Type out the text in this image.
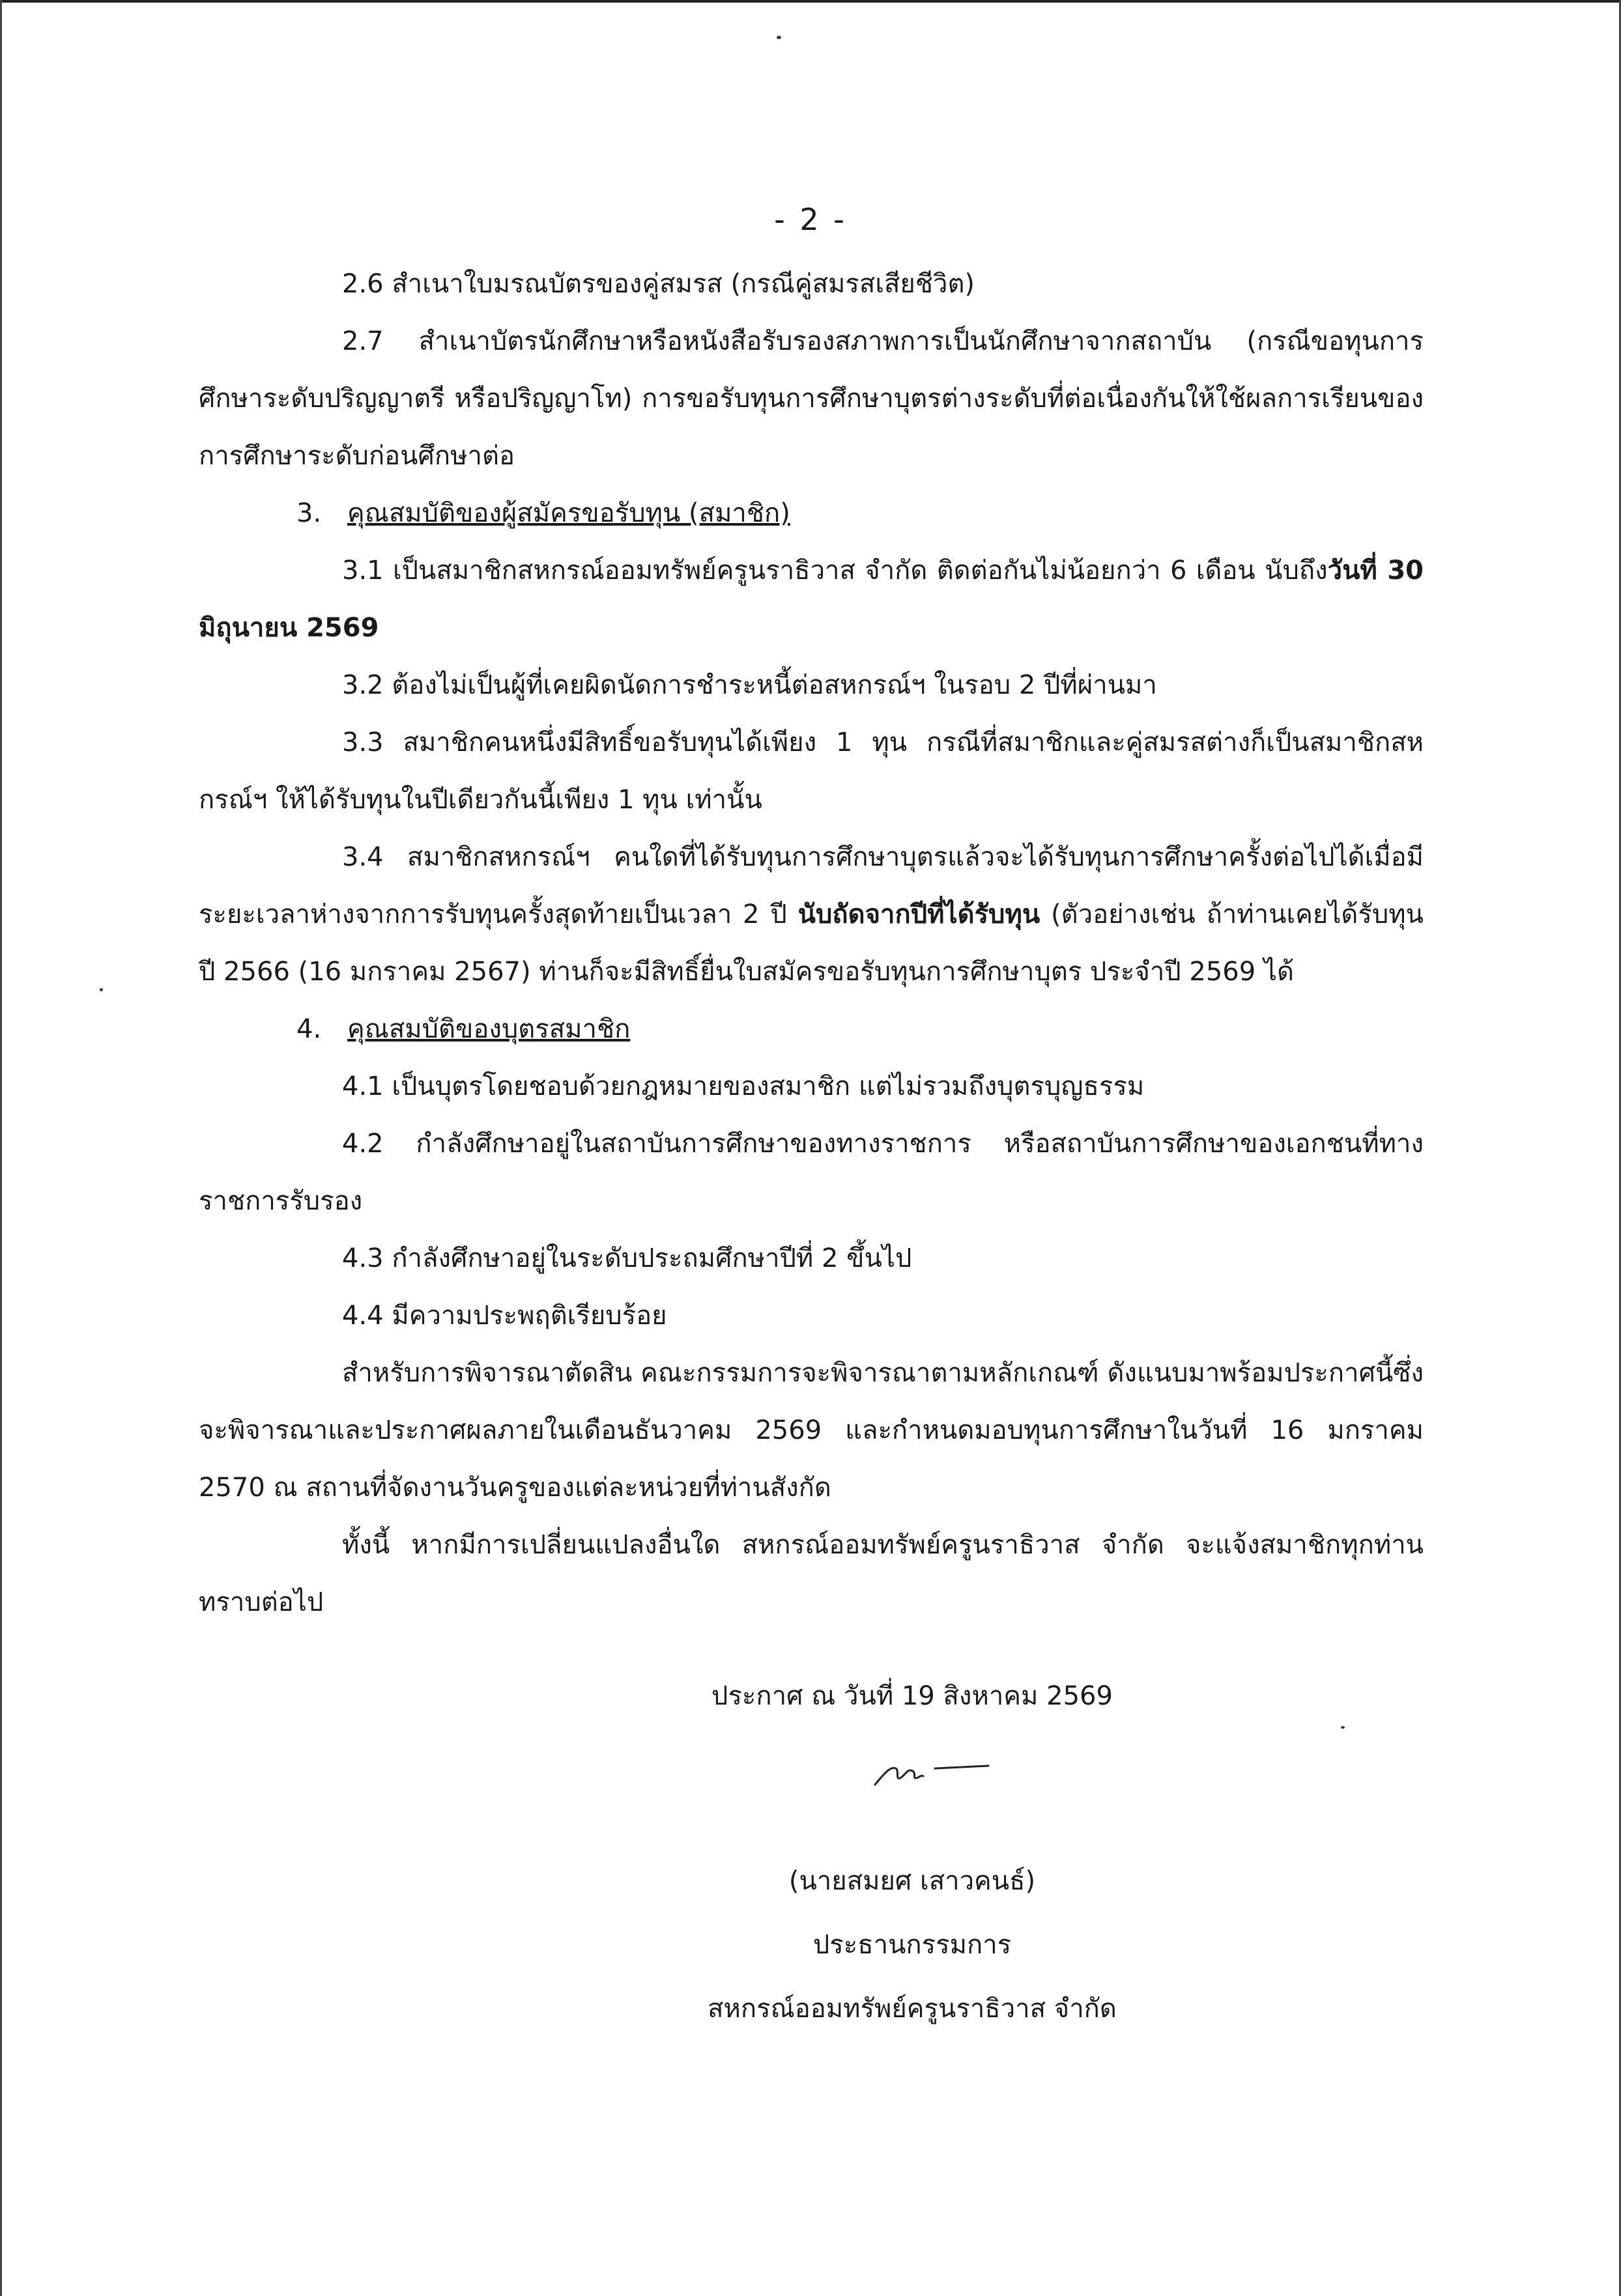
- 2 -

2.6 สำเนาใบมรณบัตรของคู่สมรส (กรณีคู่สมรสเสียชีวิต)

2.7 สำเนาบัตรนักศึกษาหรือหนังสือรับรองสภาพการเป็นนักศึกษาจากสถาบัน (กรณีขอทุนการศึกษาระดับปริญญาตรี หรือปริญญาโท) การขอรับทุนการศึกษาบุตรต่างระดับที่ต่อเนื่องกันให้ใช้ผลการเรียนของการศึกษาระดับก่อนศึกษาต่อ

3. คุณสมบัติของผู้สมัครขอรับทุน (สมาชิก)

3.1 เป็นสมาชิกสหกรณ์ออมทรัพย์ครูนราธิวาส จำกัด ติดต่อกันไม่น้อยกว่า 6 เดือน นับถึงวันที่ 30 มิถุนายน 2569

3.2 ต้องไม่เป็นผู้ที่เคยผิดนัดการชำระหนี้ต่อสหกรณ์ฯ ในรอบ 2 ปีที่ผ่านมา

3.3 สมาชิกคนหนึ่งมีสิทธิ์ขอรับทุนได้เพียง 1 ทุน กรณีที่สมาชิกและคู่สมรสต่างก็เป็นสมาชิกสหกรณ์ฯ ให้ได้รับทุนในปีเดียวกันนี้เพียง 1 ทุน เท่านั้น

3.4 สมาชิกสหกรณ์ฯ คนใดที่ได้รับทุนการศึกษาบุตรแล้วจะได้รับทุนการศึกษาครั้งต่อไปได้เมื่อมีระยะเวลาห่างจากการรับทุนครั้งสุดท้ายเป็นเวลา 2 ปี นับถัดจากปีที่ได้รับทุน (ตัวอย่างเช่น ถ้าท่านเคยได้รับทุนปี 2566 (16 มกราคม 2567) ท่านก็จะมีสิทธิ์ยื่นใบสมัครขอรับทุนการศึกษาบุตร ประจำปี 2569 ได้

4. คุณสมบัติของบุตรสมาชิก

4.1 เป็นบุตรโดยชอบด้วยกฎหมายของสมาชิก แต่ไม่รวมถึงบุตรบุญธรรม

4.2 กำลังศึกษาอยู่ในสถาบันการศึกษาของทางราชการ หรือสถาบันการศึกษาของเอกชนที่ทางราชการรับรอง

4.3 กำลังศึกษาอยู่ในระดับประถมศึกษาปีที่ 2 ขึ้นไป

4.4 มีความประพฤติเรียบร้อย

สำหรับการพิจารณาตัดสิน คณะกรรมการจะพิจารณาตามหลักเกณฑ์ ดังแนบมาพร้อมประกาศนี้ซึ่งจะพิจารณาและประกาศผลภายในเดือนธันวาคม 2569 และกำหนดมอบทุนการศึกษาในวันที่ 16 มกราคม 2570 ณ สถานที่จัดงานวันครูของแต่ละหน่วยที่ท่านสังกัด

ทั้งนี้ หากมีการเปลี่ยนแปลงอื่นใด สหกรณ์ออมทรัพย์ครูนราธิวาส จำกัด จะแจ้งสมาชิกทุกท่านทราบต่อไป

ประกาศ ณ วันที่ 19 สิงหาคม 2569
(นายสมยศ เสาวคนธ์)
ประธานกรรมการ
สหกรณ์ออมทรัพย์ครูนราธิวาส จำกัด
